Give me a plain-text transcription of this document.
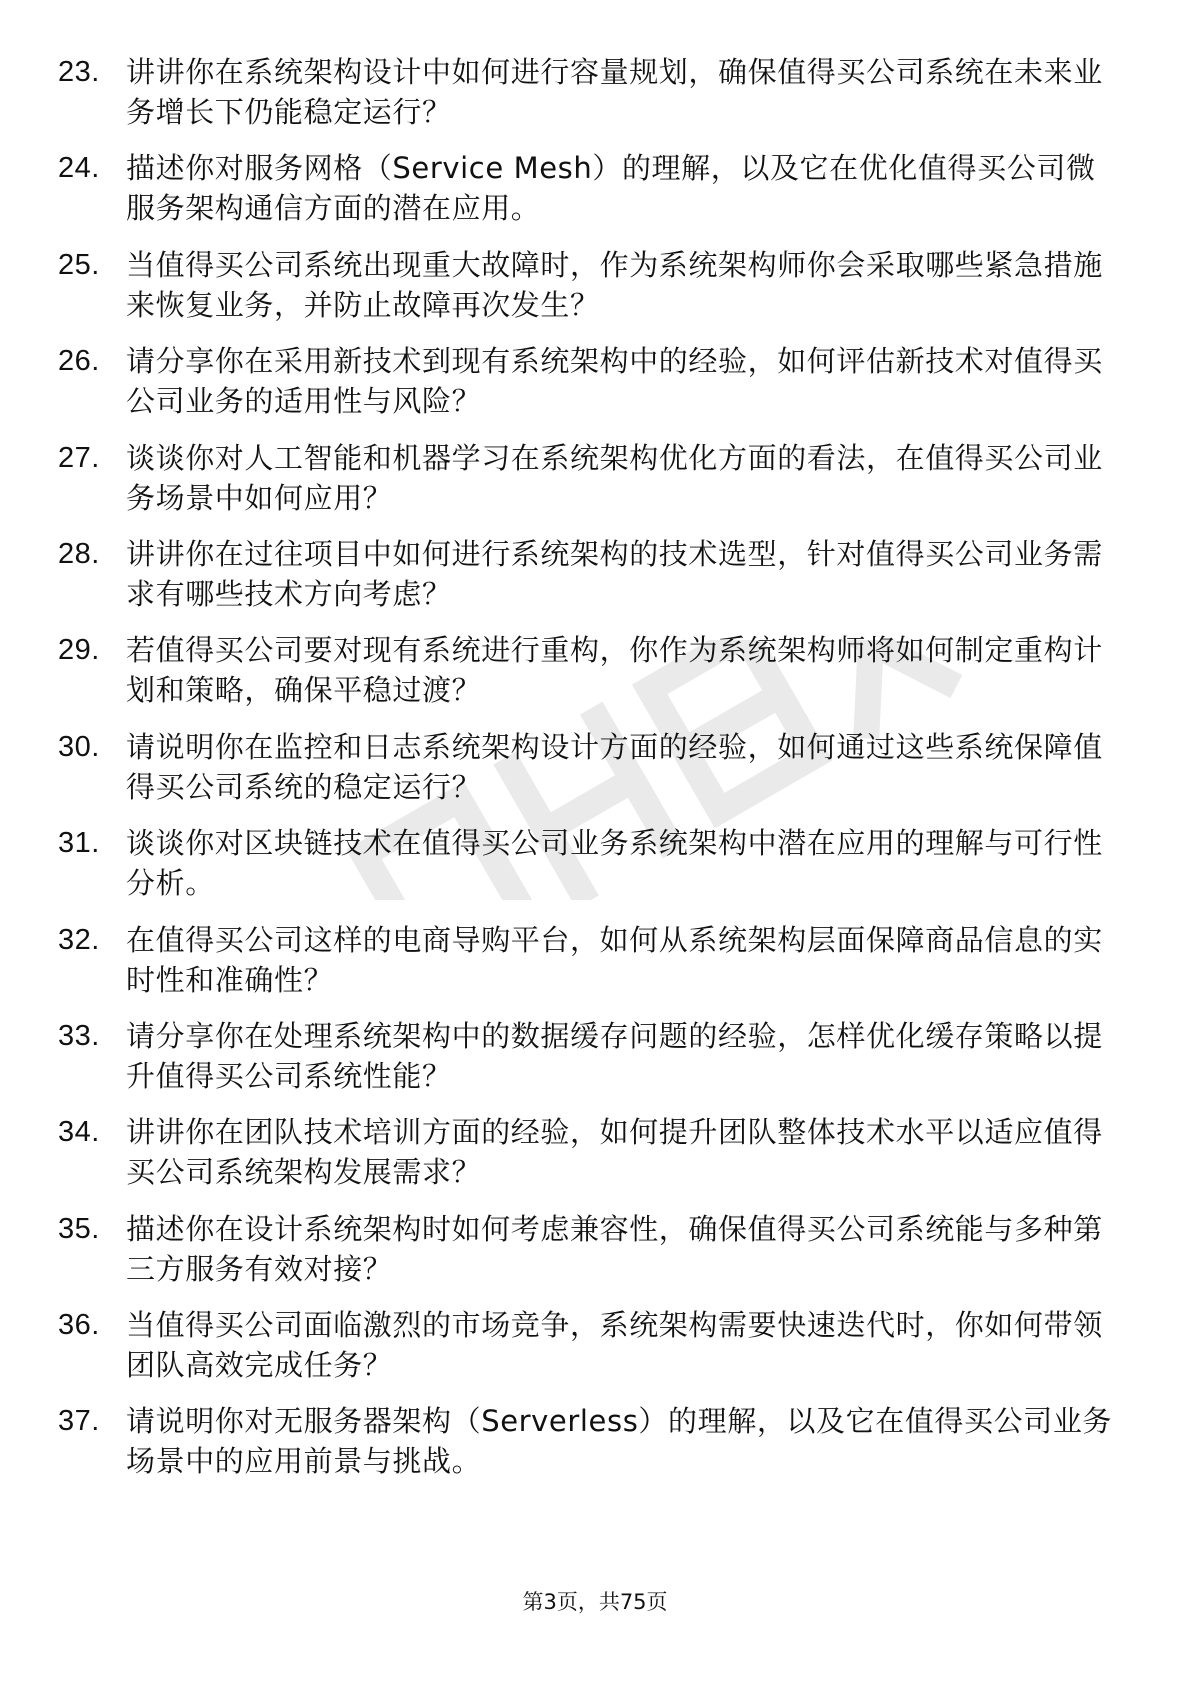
23. 讲讲你在系统架构设计中如何进行容量规划，确保值得买公司系统在未来业务增长下仍能稳定运行？
24. 描述你对服务网格（Service Mesh）的理解，以及它在优化值得买公司微服务架构通信方面的潜在应用。
25. 当值得买公司系统出现重大故障时，作为系统架构师你会采取哪些紧急措施来恢复业务，并防止故障再次发生？
26. 请分享你在采用新技术到现有系统架构中的经验，如何评估新技术对值得买公司业务的适用性与风险？
27. 谈谈你对人工智能和机器学习在系统架构优化方面的看法，在值得买公司业务场景中如何应用？
28. 讲讲你在过往项目中如何进行系统架构的技术选型，针对值得买公司业务需求有哪些技术方向考虑？
29. 若值得买公司要对现有系统进行重构，你作为系统架构师将如何制定重构计划和策略，确保平稳过渡？
30. 请说明你在监控和日志系统架构设计方面的经验，如何通过这些系统保障值得买公司系统的稳定运行？
31. 谈谈你对区块链技术在值得买公司业务系统架构中潜在应用的理解与可行性分析。
32. 在值得买公司这样的电商导购平台，如何从系统架构层面保障商品信息的实时性和准确性？
33. 请分享你在处理系统架构中的数据缓存问题的经验，怎样优化缓存策略以提升值得买公司系统性能？
34. 讲讲你在团队技术培训方面的经验，如何提升团队整体技术水平以适应值得买公司系统架构发展需求？
35. 描述你在设计系统架构时如何考虑兼容性，确保值得买公司系统能与多种第三方服务有效对接？
36. 当值得买公司面临激烈的市场竞争，系统架构需要快速迭代时，你如何带领团队高效完成任务？
37. 请说明你对无服务器架构（Serverless）的理解，以及它在值得买公司业务场景中的应用前景与挑战。
第3页，共75页
